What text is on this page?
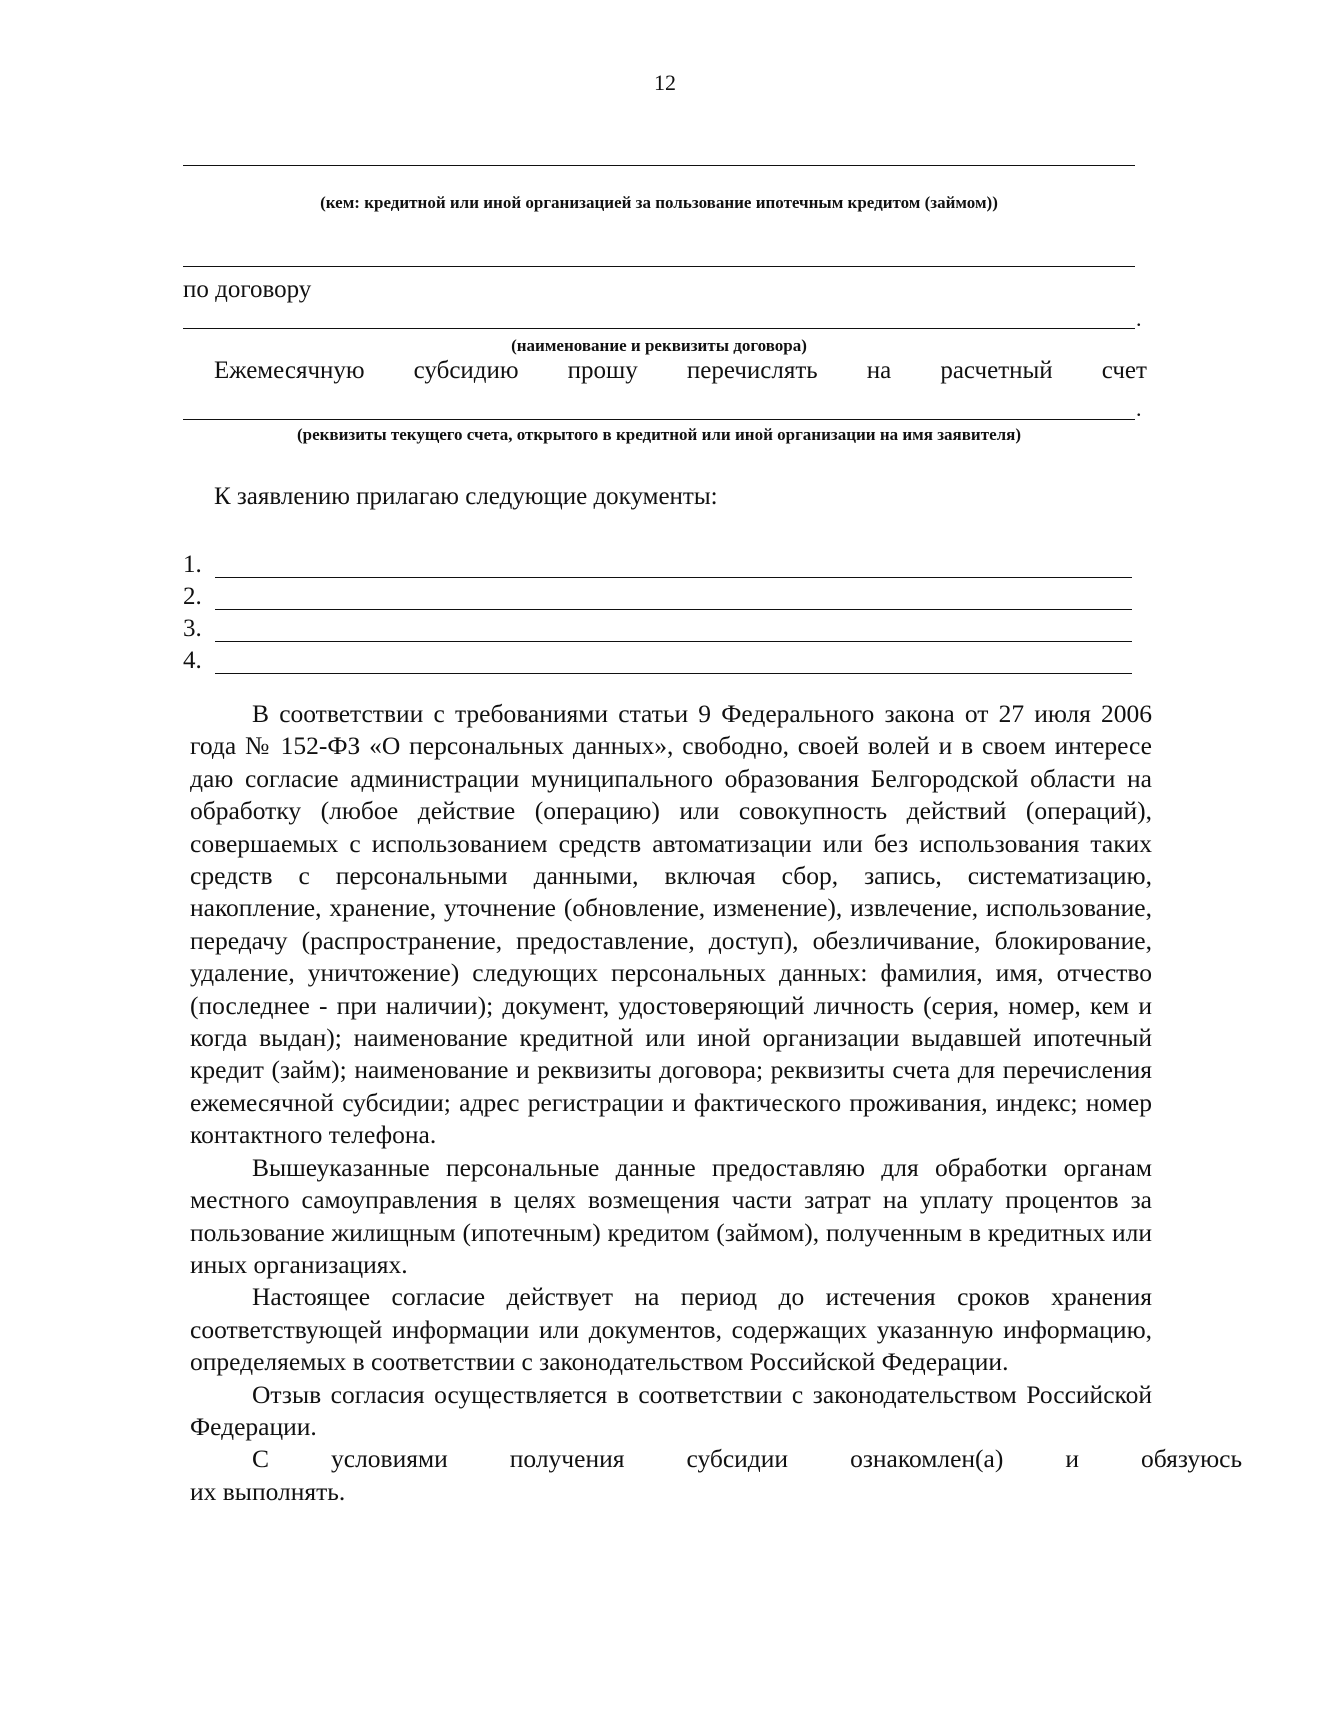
12
(кем: кредитной или иной организацией за пользование ипотечным кредитом (займом))
по договору
.
(наименование и реквизиты договора)
Ежемесячную субсидию прошу перечислять на расчетный счет
.
(реквизиты текущего счета, открытого в кредитной или иной организации на имя заявителя)
К заявлению прилагаю следующие документы:
1.
2.
3.
4.

В соответствии с требованиями статьи 9 Федерального закона от 27 июля 2006 года № 152-ФЗ «О персональных данных», свободно, своей волей и в своем интересе даю согласие администрации муниципального образования Белгородской области на обработку (любое действие (операцию) или совокупность действий (операций), совершаемых с использованием средств автоматизации или без использования таких средств с персональными данными, включая сбор, запись, систематизацию, накопление, хранение, уточнение (обновление, изменение), извлечение, использование, передачу (распространение, предоставление, доступ), обезличивание, блокирование, удаление, уничтожение) следующих персональных данных: фамилия, имя, отчество (последнее - при наличии); документ, удостоверяющий личность (серия, номер, кем и когда выдан); наименование кредитной или иной организации выдавшей ипотечный кредит (займ); наименование и реквизиты договора; реквизиты счета для перечисления ежемесячной субсидии; адрес регистрации и фактического проживания, индекс; номер контактного телефона.

Вышеуказанные персональные данные предоставляю для обработки органам местного самоуправления в целях возмещения части затрат на уплату процентов за пользование жилищным (ипотечным) кредитом (займом), полученным в кредитных или иных организациях.

Настоящее согласие действует на период до истечения сроков хранения соответствующей информации или документов, содержащих указанную информацию, определяемых в соответствии с законодательством Российской Федерации.

Отзыв согласия осуществляется в соответствии с законодательством Российской Федерации.

С	условиями	получения	субсидии	ознакомлен(а)	и	обязуюсь

их выполнять.
